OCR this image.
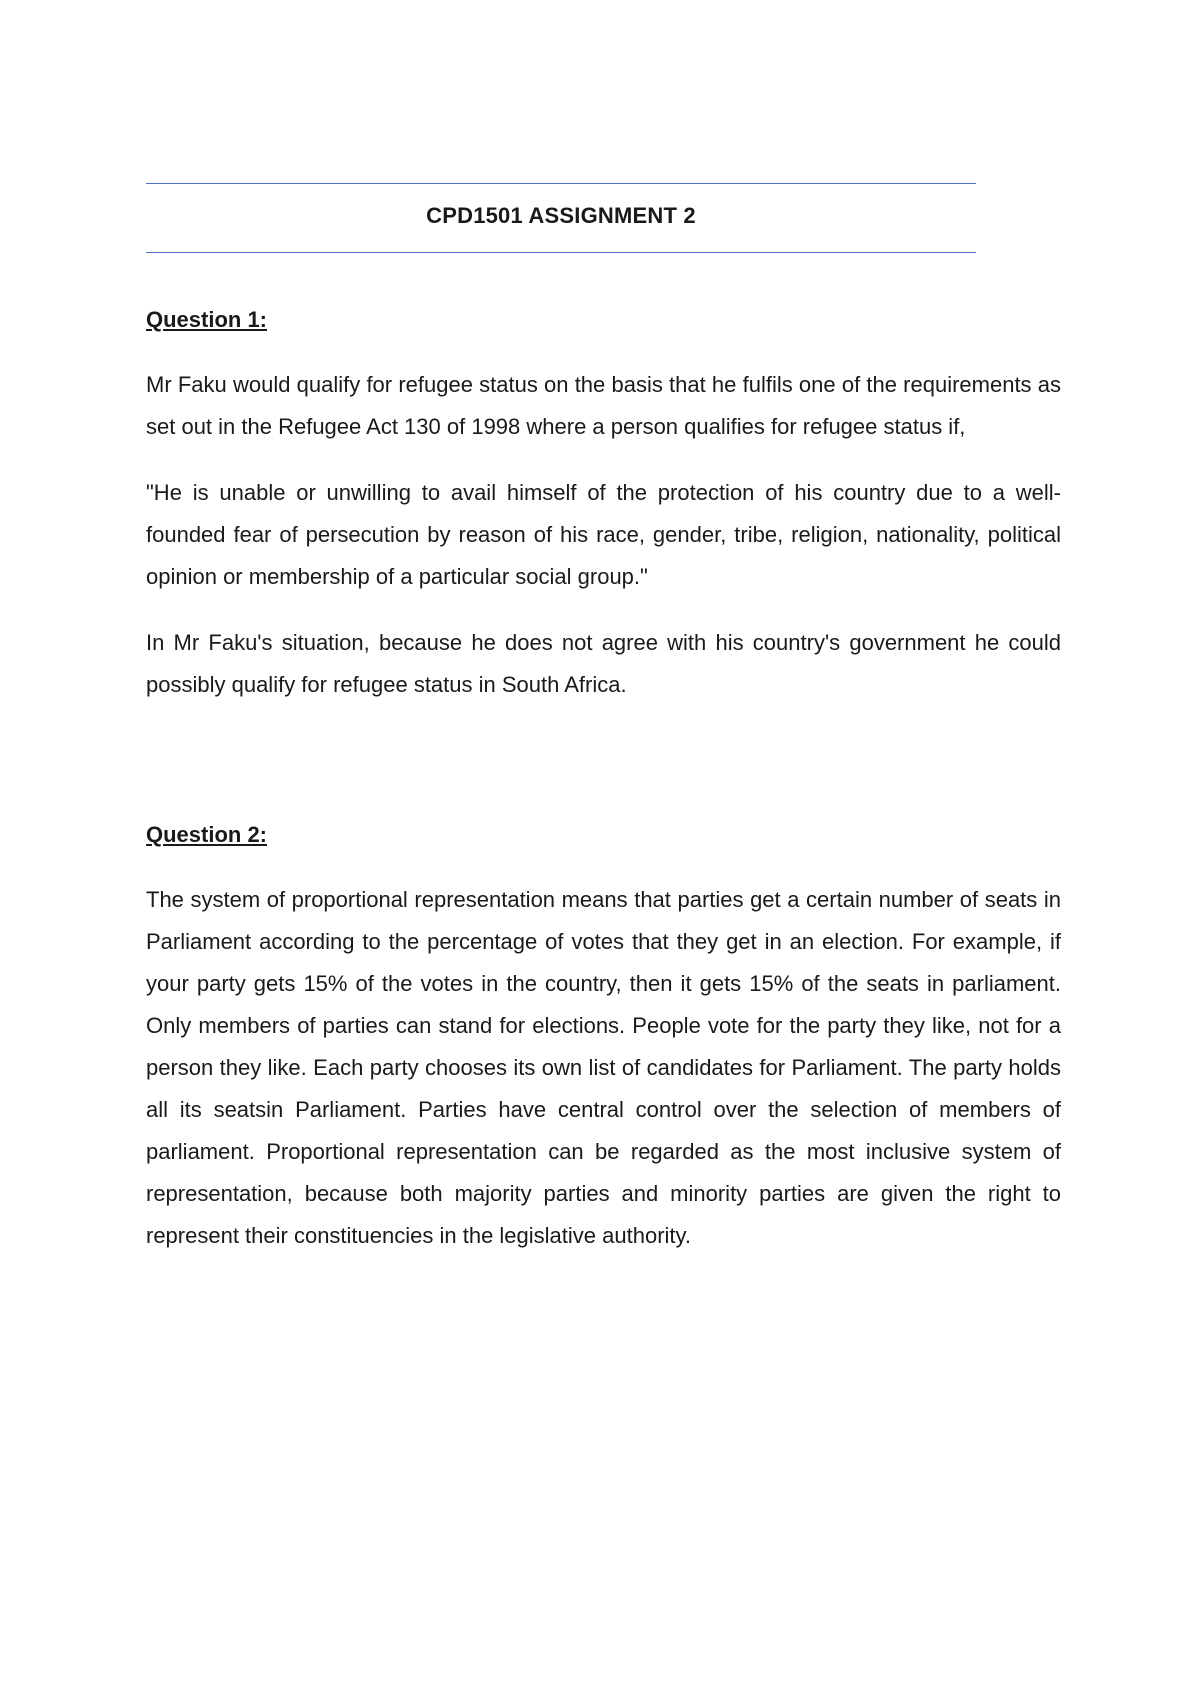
CPD1501 ASSIGNMENT 2

Question 1:

Mr Faku would qualify for refugee status on the basis that he fulfils one of the requirements as set out in the Refugee Act 130 of 1998 where a person qualifies for refugee status if,

"He is unable or unwilling to avail himself of the protection of his country due to a well-founded fear of persecution by reason of his race, gender, tribe, religion, nationality, political opinion or membership of a particular social group."

In Mr Faku's situation, because he does not agree with his country's government he could possibly qualify for refugee status in South Africa.

Question 2:

The system of proportional representation means that parties get a certain number of seats in Parliament according to the percentage of votes that they get in an election. For example, if your party gets 15% of the votes in the country, then it gets 15% of the seats in parliament. Only members of parties can stand for elections. People vote for the party they like, not for a person they like. Each party chooses its own list of candidates for Parliament. The party holds all its seatsin Parliament. Parties have central control over the selection of members of parliament. Proportional representation can be regarded as the most inclusive system of representation, because both majority parties and minority parties are given the right to represent their constituencies in the legislative authority.
